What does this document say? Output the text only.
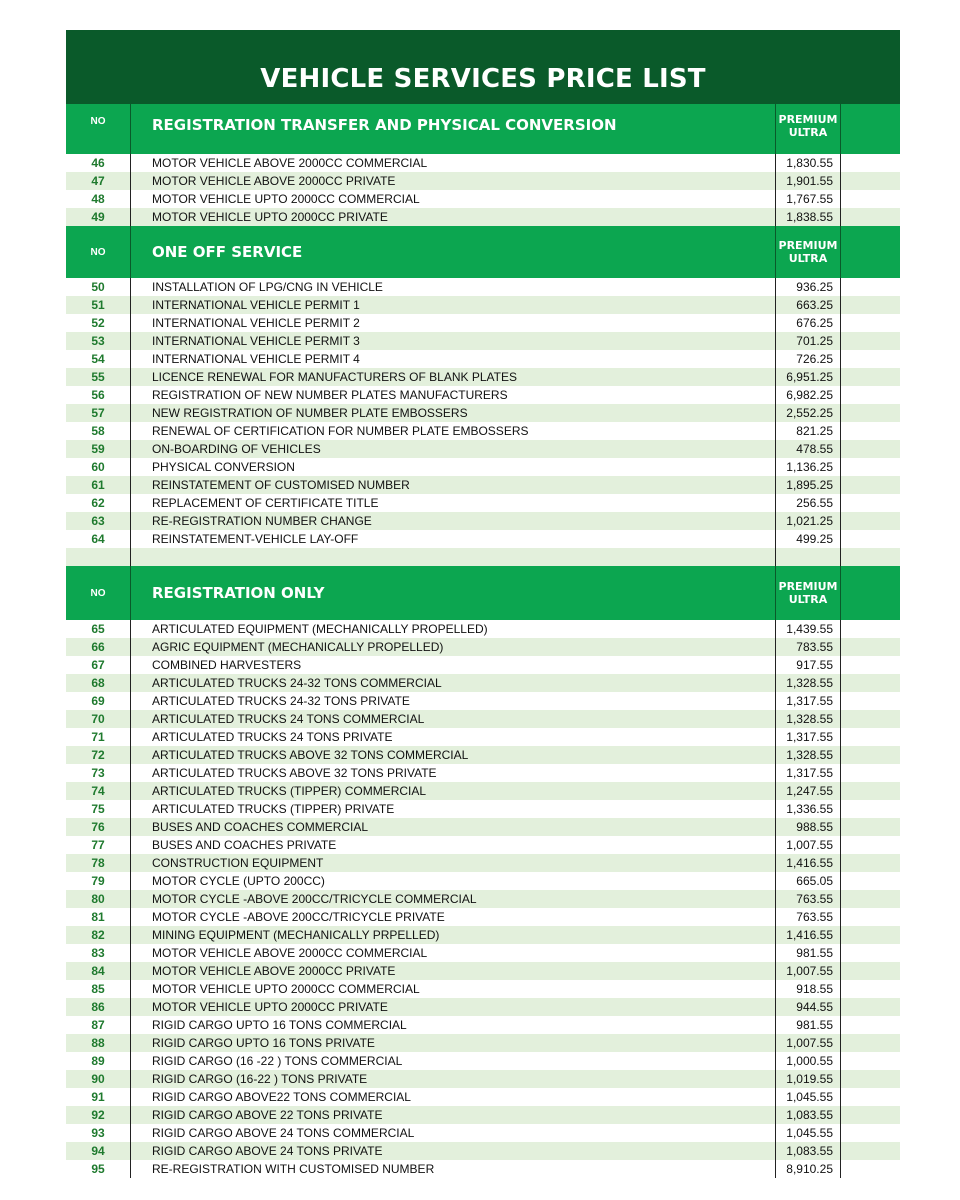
VEHICLE SERVICES PRICE LIST
NO	REGISTRATION TRANSFER AND PHYSICAL CONVERSION	PREMIUM
ULTRA
46	MOTOR VEHICLE ABOVE 2000CC COMMERCIAL	1,830.55
47	MOTOR VEHICLE ABOVE 2000CC PRIVATE	1,901.55
48	MOTOR VEHICLE UPTO 2000CC COMMERCIAL	1,767.55
49	MOTOR VEHICLE UPTO 2000CC PRIVATE	1,838.55
NO	ONE OFF SERVICE	PREMIUM
ULTRA
50	INSTALLATION OF LPG/CNG IN VEHICLE	936.25
51	INTERNATIONAL VEHICLE PERMIT 1	663.25
52	INTERNATIONAL VEHICLE PERMIT 2	676.25
53	INTERNATIONAL VEHICLE PERMIT 3	701.25
54	INTERNATIONAL VEHICLE PERMIT 4	726.25
55	LICENCE RENEWAL FOR MANUFACTURERS OF BLANK PLATES	6,951.25
56	REGISTRATION OF NEW NUMBER PLATES MANUFACTURERS	6,982.25
57	NEW REGISTRATION OF NUMBER PLATE EMBOSSERS	2,552.25
58	RENEWAL OF CERTIFICATION FOR NUMBER PLATE EMBOSSERS	821.25
59	ON-BOARDING OF VEHICLES	478.55
60	PHYSICAL CONVERSION	1,136.25
61	REINSTATEMENT OF CUSTOMISED NUMBER	1,895.25
62	REPLACEMENT OF CERTIFICATE TITLE	256.55
63	RE-REGISTRATION NUMBER CHANGE	1,021.25
64	REINSTATEMENT-VEHICLE LAY-OFF	499.25
NO	REGISTRATION ONLY	PREMIUM
ULTRA
65	ARTICULATED EQUIPMENT (MECHANICALLY PROPELLED)	1,439.55
66	AGRIC EQUIPMENT (MECHANICALLY PROPELLED)	783.55
67	COMBINED HARVESTERS	917.55
68	ARTICULATED TRUCKS 24-32 TONS COMMERCIAL	1,328.55
69	ARTICULATED TRUCKS 24-32 TONS PRIVATE	1,317.55
70	ARTICULATED TRUCKS 24 TONS COMMERCIAL	1,328.55
71	ARTICULATED TRUCKS 24 TONS PRIVATE	1,317.55
72	ARTICULATED TRUCKS ABOVE 32 TONS COMMERCIAL	1,328.55
73	ARTICULATED TRUCKS ABOVE 32 TONS PRIVATE	1,317.55
74	ARTICULATED TRUCKS (TIPPER) COMMERCIAL	1,247.55
75	ARTICULATED TRUCKS (TIPPER) PRIVATE	1,336.55
76	BUSES AND COACHES COMMERCIAL	988.55
77	BUSES AND COACHES PRIVATE	1,007.55
78	CONSTRUCTION EQUIPMENT	1,416.55
79	MOTOR CYCLE (UPTO 200CC)	665.05
80	MOTOR CYCLE -ABOVE 200CC/TRICYCLE COMMERCIAL	763.55
81	MOTOR CYCLE -ABOVE 200CC/TRICYCLE PRIVATE	763.55
82	MINING EQUIPMENT (MECHANICALLY PRPELLED)	1,416.55
83	MOTOR VEHICLE ABOVE 2000CC COMMERCIAL	981.55
84	MOTOR VEHICLE ABOVE 2000CC PRIVATE	1,007.55
85	MOTOR VEHICLE UPTO 2000CC COMMERCIAL	918.55
86	MOTOR VEHICLE UPTO 2000CC PRIVATE	944.55
87	RIGID CARGO UPTO 16 TONS COMMERCIAL	981.55
88	RIGID CARGO UPTO 16 TONS PRIVATE	1,007.55
89	RIGID CARGO (16 -22 ) TONS COMMERCIAL	1,000.55
90	RIGID CARGO (16-22 ) TONS PRIVATE	1,019.55
91	RIGID CARGO ABOVE22 TONS COMMERCIAL	1,045.55
92	RIGID CARGO ABOVE 22 TONS PRIVATE	1,083.55
93	RIGID CARGO ABOVE 24 TONS COMMERCIAL	1,045.55
94	RIGID CARGO ABOVE 24 TONS PRIVATE	1,083.55
95	RE-REGISTRATION WITH CUSTOMISED NUMBER	8,910.25
